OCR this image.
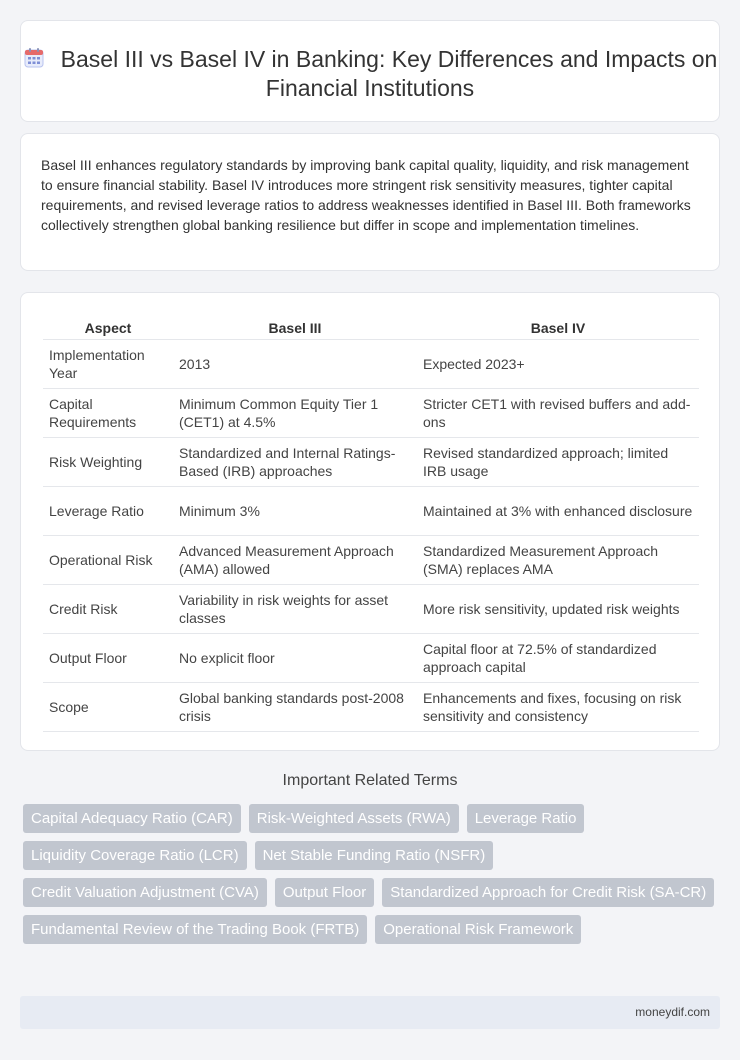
Basel III vs Basel IV in Banking: Key Differences and Impacts on Financial Institutions

Basel III enhances regulatory standards by improving bank capital quality, liquidity, and risk management to ensure financial stability. Basel IV introduces more stringent risk sensitivity measures, tighter capital requirements, and revised leverage ratios to address weaknesses identified in Basel III. Both frameworks collectively strengthen global banking resilience but differ in scope and implementation timelines.

Aspect	Basel III	Basel IV
Implementation Year	2013	Expected 2023+
Capital Requirements	Minimum Common Equity Tier 1 (CET1) at 4.5%	Stricter CET1 with revised buffers and add-ons
Risk Weighting	Standardized and Internal Ratings-Based (IRB) approaches	Revised standardized approach; limited IRB usage
Leverage Ratio	Minimum 3%	Maintained at 3% with enhanced disclosure
Operational Risk	Advanced Measurement Approach (AMA) allowed	Standardized Measurement Approach (SMA) replaces AMA
Credit Risk	Variability in risk weights for asset classes	More risk sensitivity, updated risk weights
Output Floor	No explicit floor	Capital floor at 72.5% of standardized approach capital
Scope	Global banking standards post-2008 crisis	Enhancements and fixes, focusing on risk sensitivity and consistency
Important Related Terms
Capital Adequacy Ratio (CAR)	Risk-Weighted Assets (RWA)	Leverage Ratio
Liquidity Coverage Ratio (LCR)	Net Stable Funding Ratio (NSFR)
Credit Valuation Adjustment (CVA)	Output Floor	Standardized Approach for Credit Risk (SA-CR)
Fundamental Review of the Trading Book (FRTB)	Operational Risk Framework
moneydif.com
